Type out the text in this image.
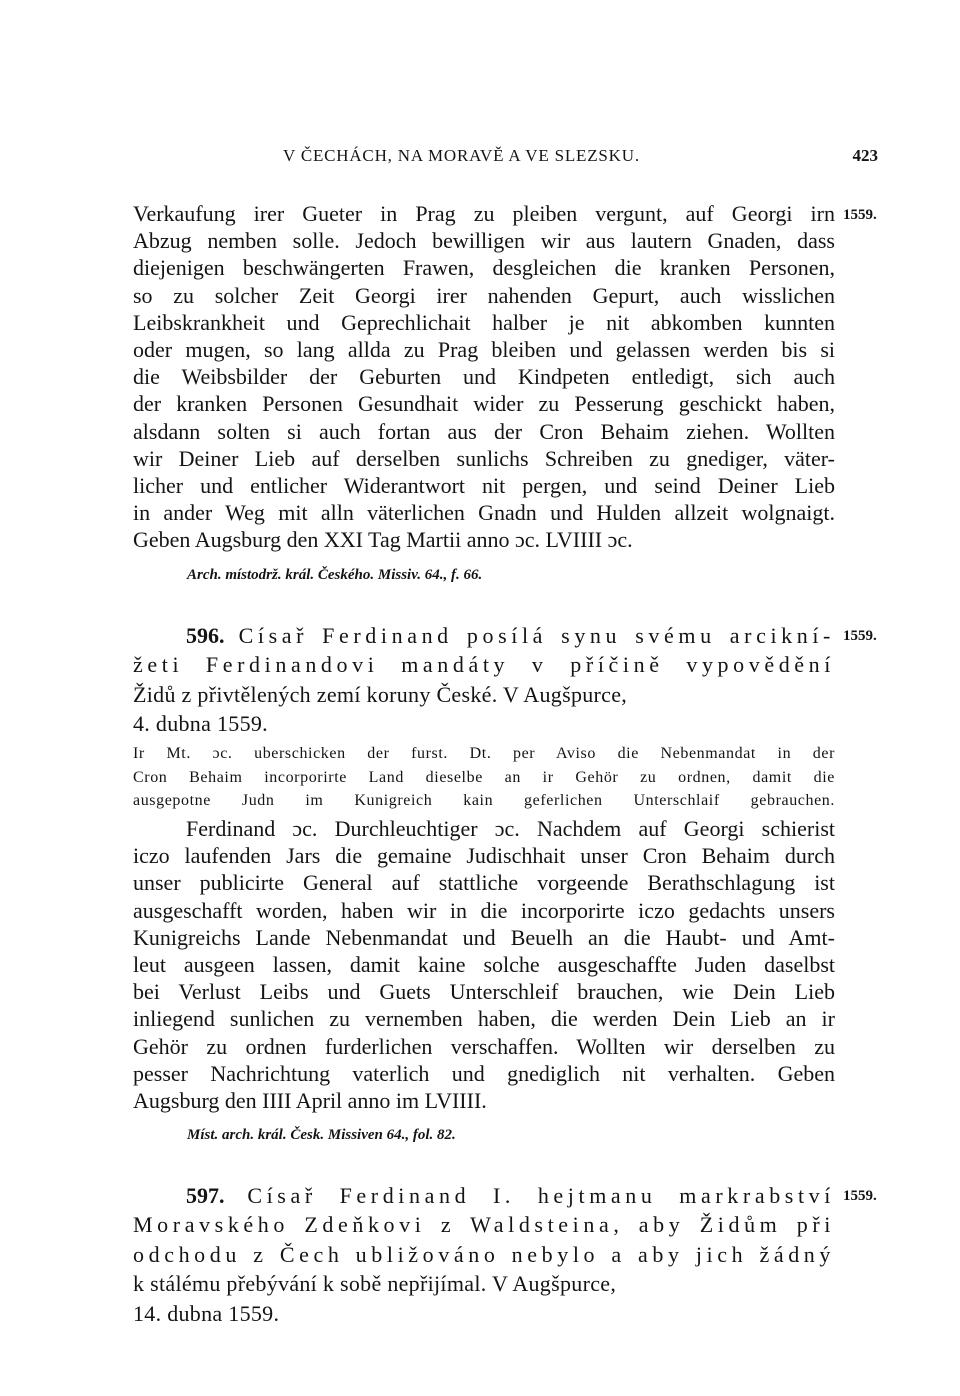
V ČECHÁCH, NA MORAVĚ A VE SLEZSKU.	423
1559.
Verkaufung irer Gueter in Prag zu pleiben vergunt, auf Georgi irn
Abzug nemben solle. Jedoch bewilligen wir aus lautern Gnaden, dass
diejenigen beschwängerten Frawen, desgleichen die kranken Personen,
so zu solcher Zeit Georgi irer nahenden Gepurt, auch wisslichen
Leibskrankheit und Geprechlichait halber je nit abkomben kunnten
oder mugen, so lang allda zu Prag bleiben und gelassen werden bis si
die Weibsbilder der Geburten und Kindpeten entledigt, sich auch
der kranken Personen Gesundhait wider zu Pesserung geschickt haben,
alsdann solten si auch fortan aus der Cron Behaim ziehen. Wollten
wir Deiner Lieb auf derselben sunlichs Schreiben zu gnediger, väter-
licher und entlicher Widerantwort nit pergen, und seind Deiner Lieb
in ander Weg mit alln väterlichen Gnadn und Hulden allzeit wolgnaigt.
Geben Augsburg den XXI Tag Martii anno ɔc. LVIIII ɔc.
Arch. místodrž. král. Českého. Missiv. 64., f. 66.
1559.
596. Císař Ferdinand posílá synu svému arcikní-
žeti Ferdinandovi mandáty v příčině vypovědění
Židů z přivtělených zemí koruny České. V Augšpurce,
4. dubna 1559.
Ir Mt. ɔc. uberschicken der furst. Dt. per Aviso die Nebenmandat in der
Cron Behaim incorporirte Land dieselbe an ir Gehör zu ordnen, damit die
ausgepotne Judn im Kunigreich kain geferlichen Unterschlaif gebrauchen.
Ferdinand ɔc. Durchleuchtiger ɔc. Nachdem auf Georgi schierist
iczo laufenden Jars die gemaine Judischhait unser Cron Behaim durch
unser publicirte General auf stattliche vorgeende Berathschlagung ist
ausgeschafft worden, haben wir in die incorporirte iczo gedachts unsers
Kunigreichs Lande Nebenmandat und Beuelh an die Haubt- und Amt-
leut ausgeen lassen, damit kaine solche ausgeschaffte Juden daselbst
bei Verlust Leibs und Guets Unterschleif brauchen, wie Dein Lieb
inliegend sunlichen zu vernemben haben, die werden Dein Lieb an ir
Gehör zu ordnen furderlichen verschaffen. Wollten wir derselben zu
pesser Nachrichtung vaterlich und gnediglich nit verhalten. Geben
Augsburg den IIII April anno im LVIIII.
Míst. arch. král. Česk. Missiven 64., fol. 82.
1559.
597. Císař Ferdinand I. hejtmanu markrabství
Moravského Zdeňkovi z Waldsteina, aby Židům při
odchodu z Čech ubližováno nebylo a aby jich žádný
k stálému přebývání k sobě nepřijímal. V Augšpurce,
14. dubna 1559.
